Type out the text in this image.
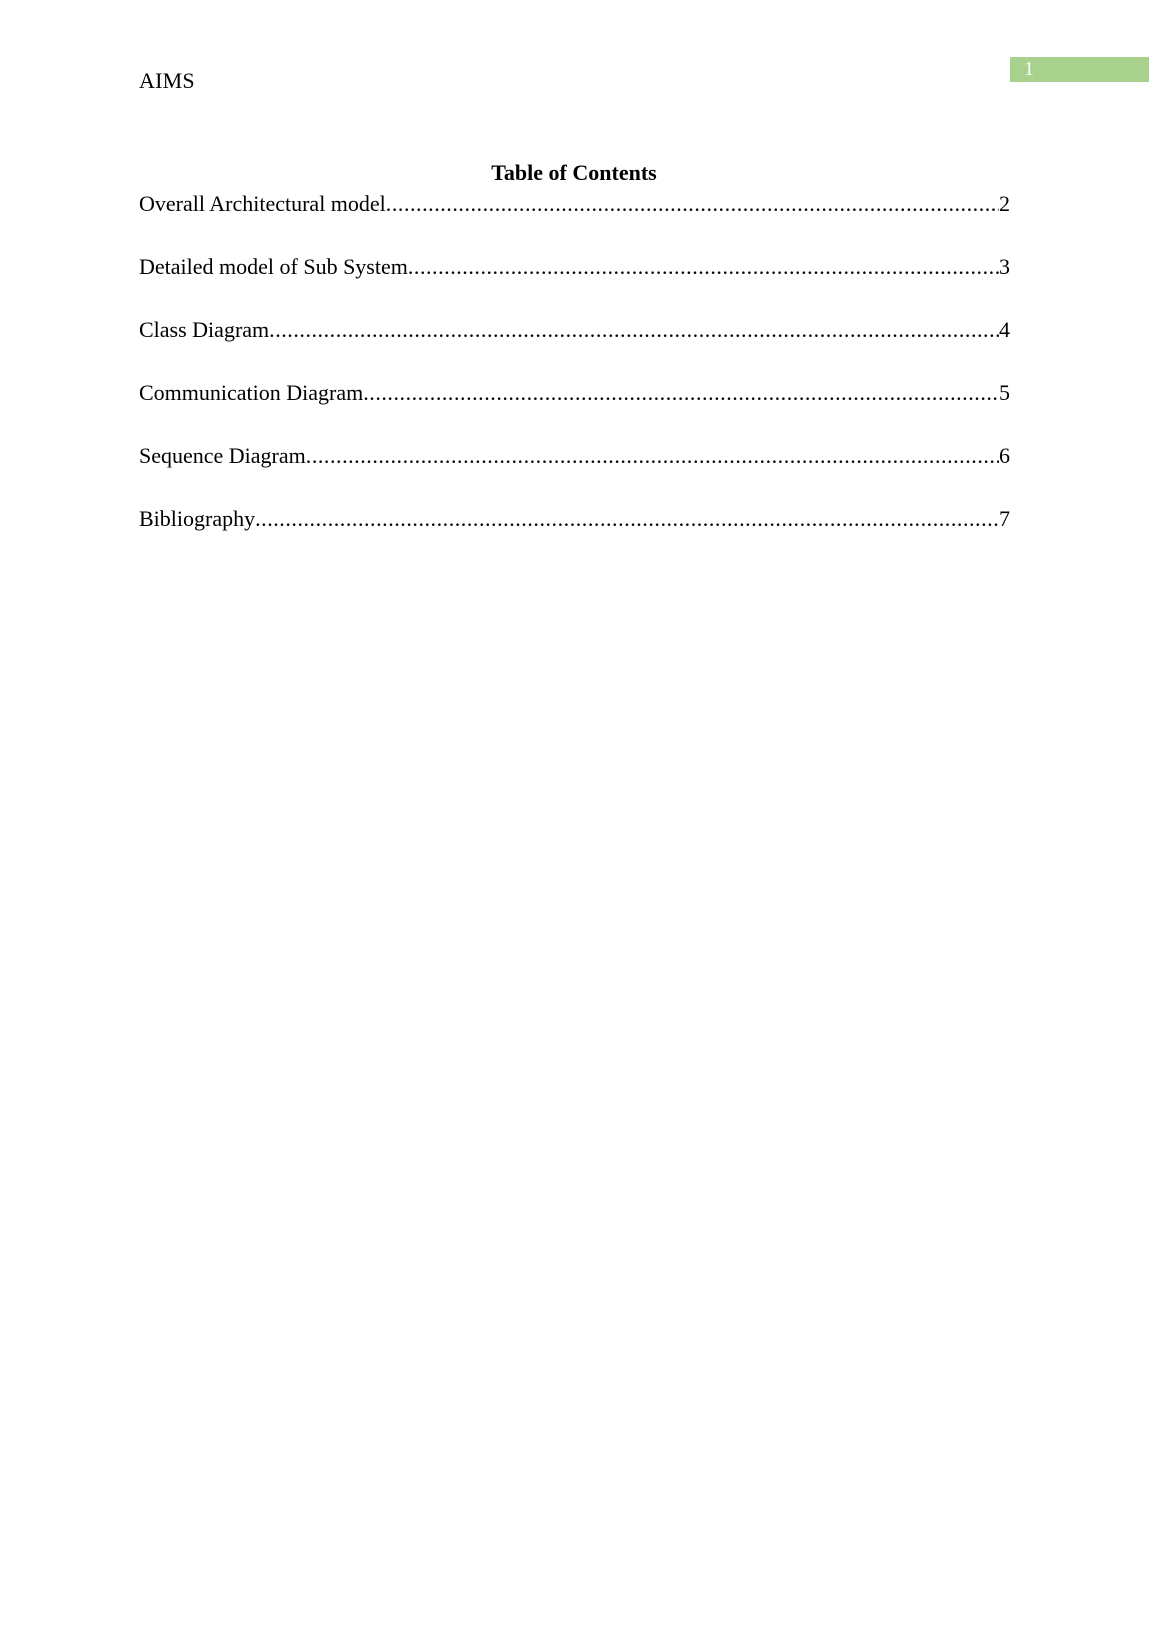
AIMS	1
Table of Contents
Overall Architectural model .....	2
Detailed model of Sub System .....	3
Class Diagram .....	4
Communication Diagram .....	5
Sequence Diagram .....	6
Bibliography .....	7
